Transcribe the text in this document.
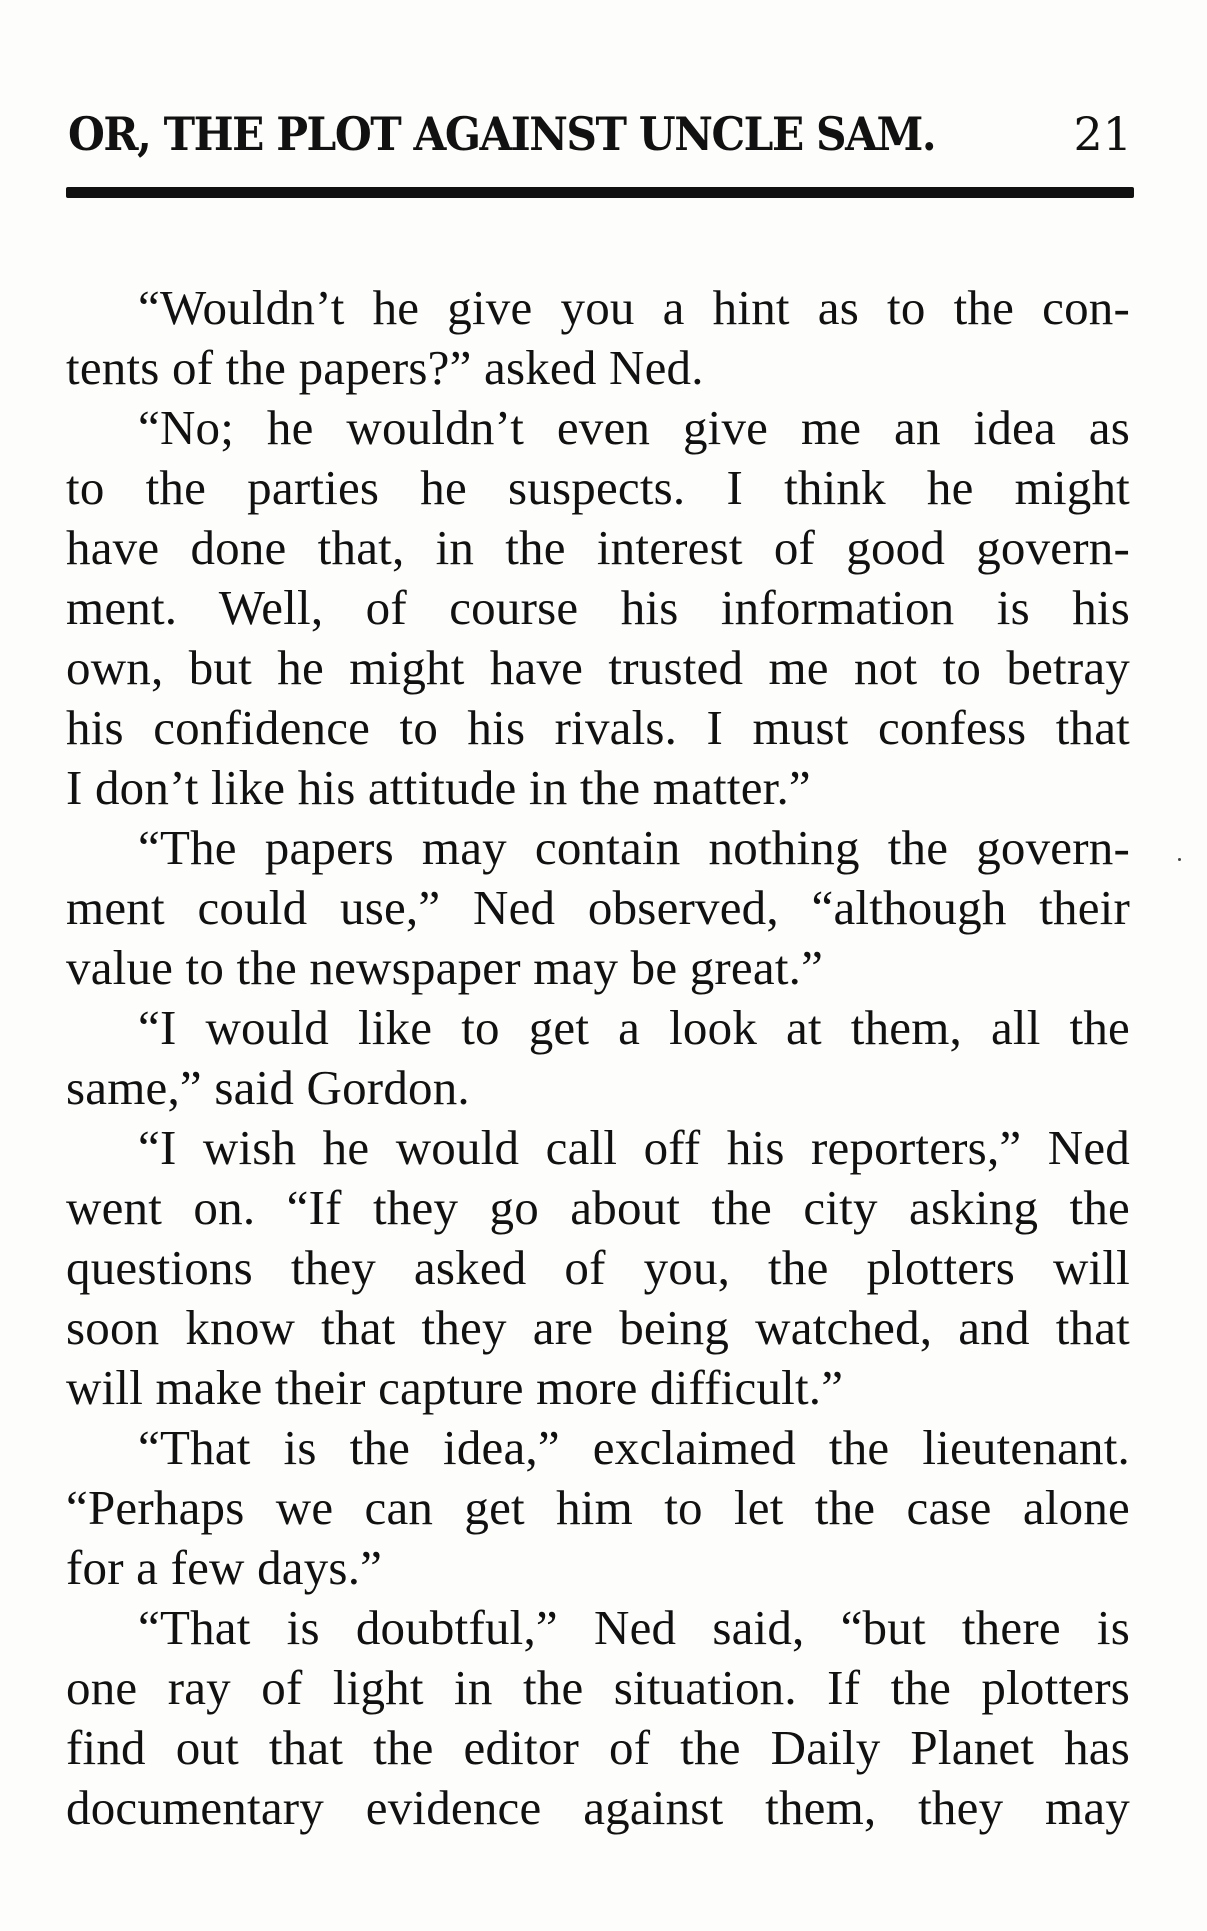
OR, THE PLOT AGAINST UNCLE SAM.	21
“Wouldn’t he give you a hint as to the con-
tents of the papers?” asked Ned.
“No; he wouldn’t even give me an idea as
to the parties he suspects. I think he might
have done that, in the interest of good govern-
ment. Well, of course his information is his
own, but he might have trusted me not to betray
his confidence to his rivals. I must confess that
I don’t like his attitude in the matter.”
“The papers may contain nothing the govern-
ment could use,” Ned observed, “although their
value to the newspaper may be great.”
“I would like to get a look at them, all the
same,” said Gordon.
“I wish he would call off his reporters,” Ned
went on. “If they go about the city asking the
questions they asked of you, the plotters will
soon know that they are being watched, and that
will make their capture more difficult.”
“That is the idea,” exclaimed the lieutenant.
“Perhaps we can get him to let the case alone
for a few days.”
“That is doubtful,” Ned said, “but there is
one ray of light in the situation. If the plotters
find out that the editor of the Daily Planet has
documentary evidence against them, they may
